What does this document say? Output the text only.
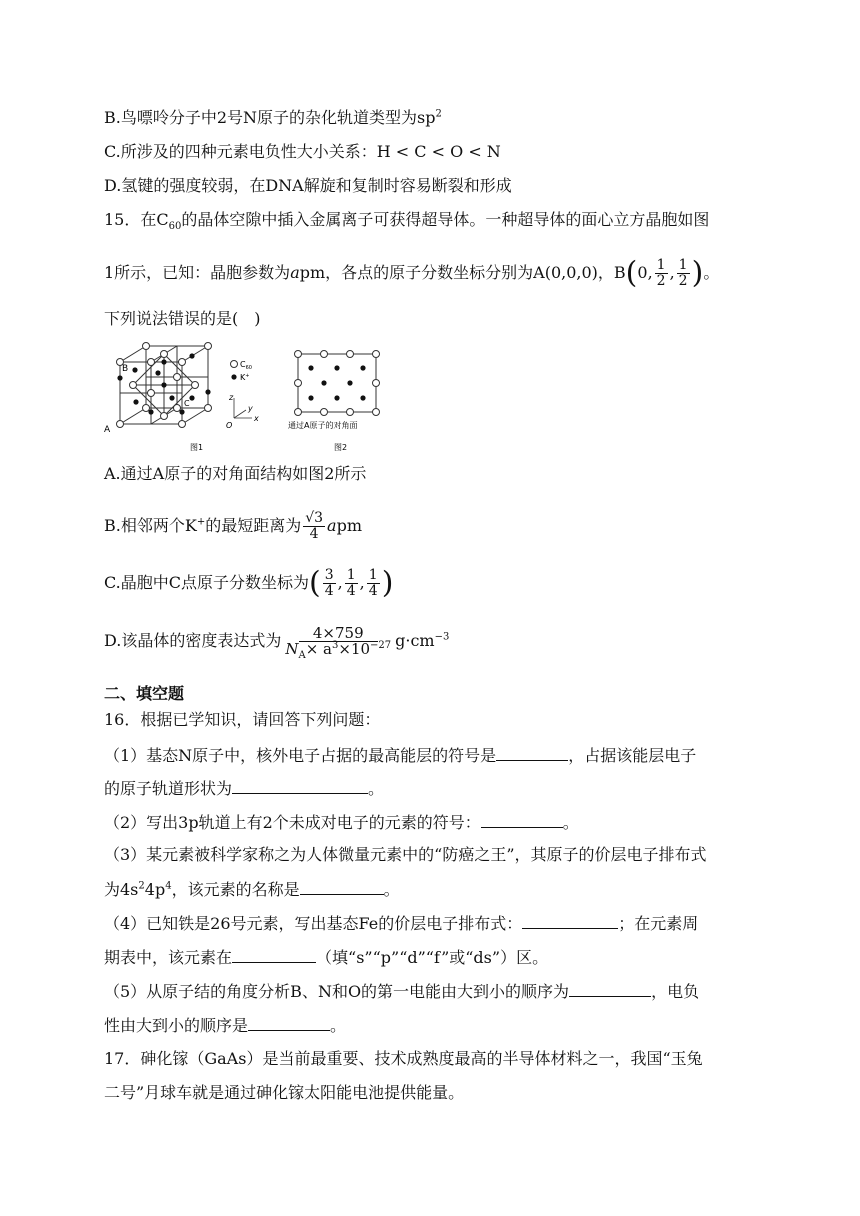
B.鸟嘌呤分子中2号N原子的杂化轨道类型为$sp^2$
C.所涉及的四种元素电负性大小关系：H < C < O < N
D.氢键的强度较弱，在DNA解旋和复制时容易断裂和形成
15．在$C_{60}$的晶体空隙中插入金属离子可获得超导体。一种超导体的面心立方晶胞如图
1所示，已知：晶胞参数为apm，各点的原子分数坐标分别为A(0,0,0)，B(0, $\frac{1}{2}$ , $\frac{1}{2}$ )。
下列说法错误的是(　)
B
A
C
$C_{60}$
K+
z
y
x
O
图1
通过A原子的对角面
图2
A.通过A原子的对角面结构如图2所示
B.相邻两个K+的最短距离为 $\frac{√3}{4}$ apm
C.晶胞中C点原子分数坐标为( $\frac{3}{4}$ , $\frac{1}{4}$ , $\frac{1}{4}$ )
D.该晶体的密度表达式为 $\frac{4\times 759}{N_A\times a^3\times 10^{-27}} g\cdot cm^{-3}$
二、填空题
16．根据已学知识，请回答下列问题：
（1）基态N原子中，核外电子占据的最高能层的符号是	，占据该能层电子
的原子轨道形状为	。
（2）写出3p轨道上有2个未成对电子的元素的符号：	。
（3）某元素被科学家称之为人体微量元素中的“防癌之王”，其原子的价层电子排布式
为$4s^24p^4$，该元素的名称是	。
（4）已知铁是26号元素，写出基态Fe的价层电子排布式：	；在元素周
期表中，该元素在	（填“s”“p”“d”“f”或“ds”）区。
（5）从原子结的角度分析B、N和O的第一电能由大到小的顺序为	，电负
性由大到小的顺序是	。
17．砷化镓（GaAs）是当前最重要、技术成熟度最高的半导体材料之一，我国“玉兔
二号”月球车就是通过砷化镓太阳能电池提供能量。
